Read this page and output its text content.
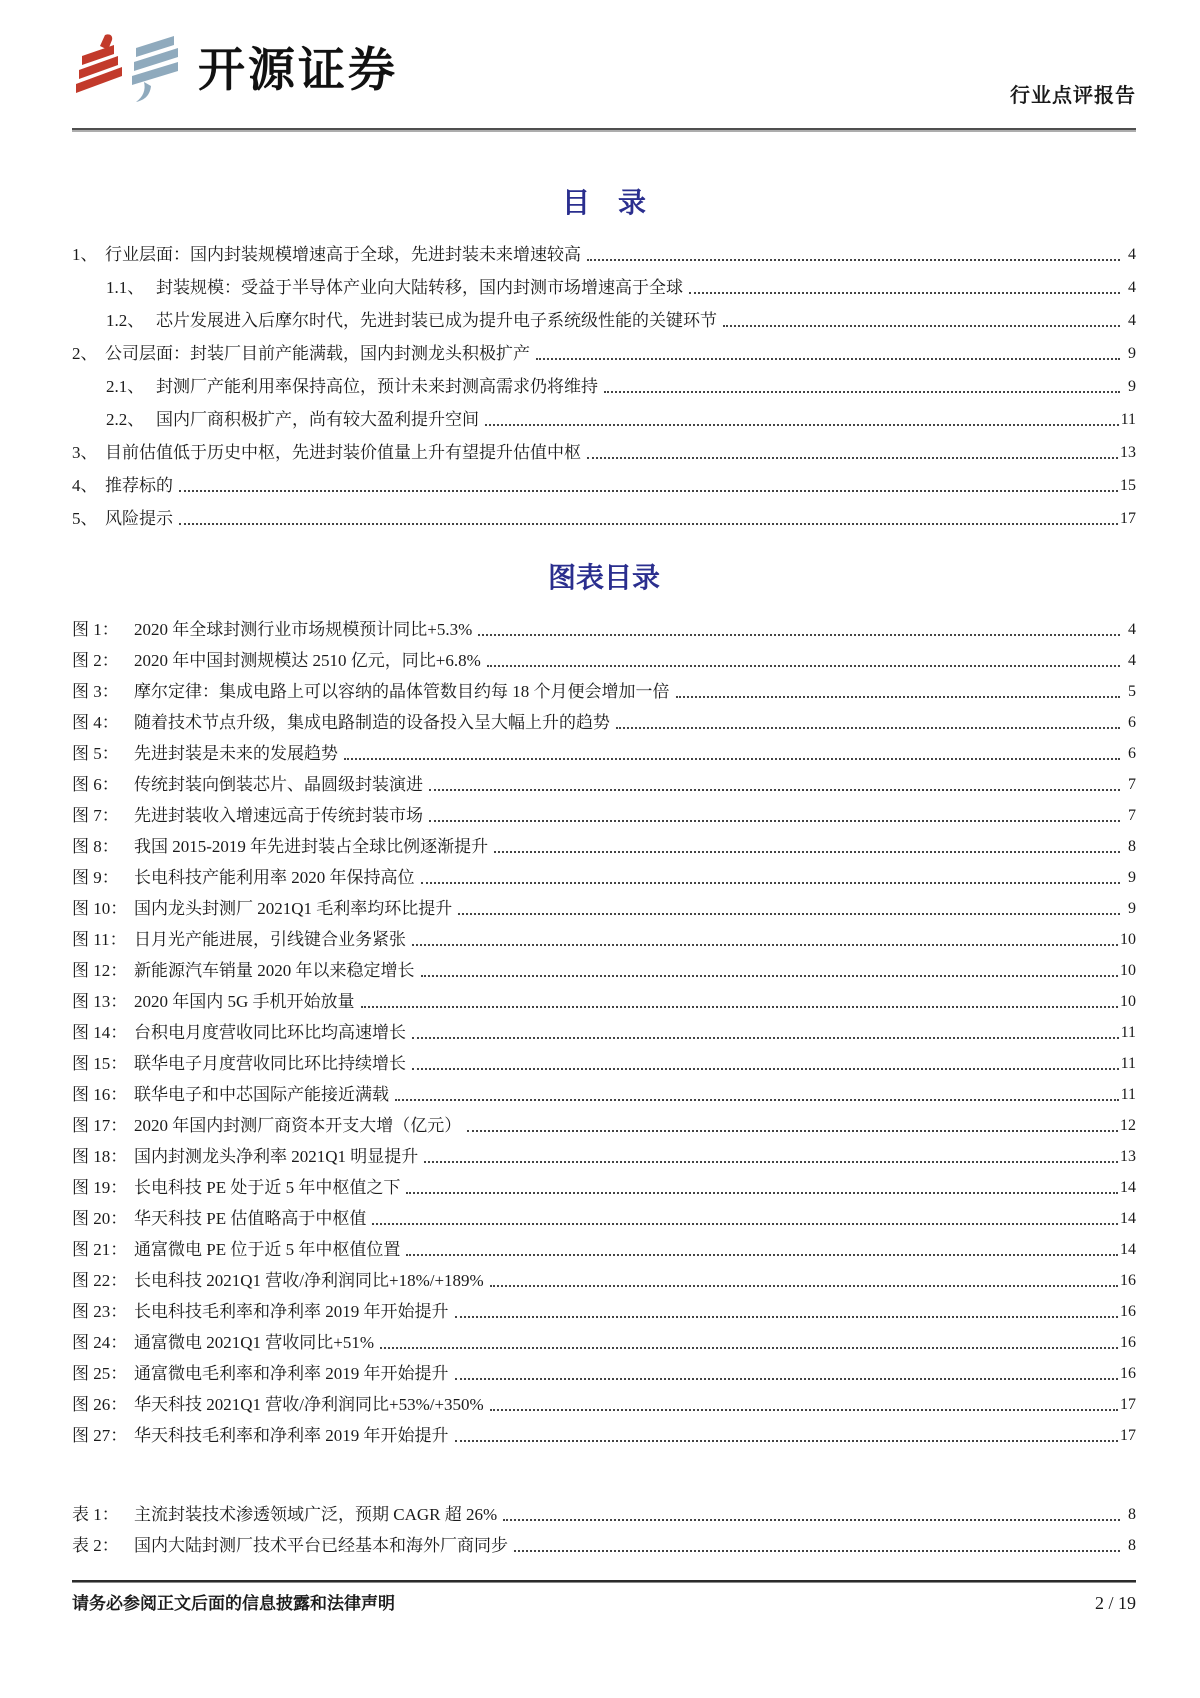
开源证券	行业点评报告
目　录
1、 行业层面：国内封装规模增速高于全球，先进封装未来增速较高	4
1.1、 封装规模：受益于半导体产业向大陆转移，国内封测市场增速高于全球	4
1.2、 芯片发展进入后摩尔时代，先进封装已成为提升电子系统级性能的关键环节	4
2、 公司层面：封装厂目前产能满载，国内封测龙头积极扩产	9
2.1、 封测厂产能利用率保持高位，预计未来封测高需求仍将维持	9
2.2、 国内厂商积极扩产，尚有较大盈利提升空间	11
3、 目前估值低于历史中枢，先进封装价值量上升有望提升估值中枢	13
4、 推荐标的	15
5、 风险提示	17
图表目录
图 1： 2020 年全球封测行业市场规模预计同比+5.3%	4
图 2： 2020 年中国封测规模达 2510 亿元，同比+6.8%	4
图 3： 摩尔定律：集成电路上可以容纳的晶体管数目约每 18 个月便会增加一倍	5
图 4： 随着技术节点升级，集成电路制造的设备投入呈大幅上升的趋势	6
图 5： 先进封装是未来的发展趋势	6
图 6： 传统封装向倒装芯片、晶圆级封装演进	7
图 7： 先进封装收入增速远高于传统封装市场	7
图 8： 我国 2015-2019 年先进封装占全球比例逐渐提升	8
图 9： 长电科技产能利用率 2020 年保持高位	9
图 10： 国内龙头封测厂 2021Q1 毛利率均环比提升	9
图 11： 日月光产能进展，引线键合业务紧张	10
图 12： 新能源汽车销量 2020 年以来稳定增长	10
图 13： 2020 年国内 5G 手机开始放量	10
图 14： 台积电月度营收同比环比均高速增长	11
图 15： 联华电子月度营收同比环比持续增长	11
图 16： 联华电子和中芯国际产能接近满载	11
图 17： 2020 年国内封测厂商资本开支大增（亿元）	12
图 18： 国内封测龙头净利率 2021Q1 明显提升	13
图 19： 长电科技 PE 处于近 5 年中枢值之下	14
图 20： 华天科技 PE 估值略高于中枢值	14
图 21： 通富微电 PE 位于近 5 年中枢值位置	14
图 22： 长电科技 2021Q1 营收/净利润同比+18%/+189%	16
图 23： 长电科技毛利率和净利率 2019 年开始提升	16
图 24： 通富微电 2021Q1 营收同比+51%	16
图 25： 通富微电毛利率和净利率 2019 年开始提升	16
图 26： 华天科技 2021Q1 营收/净利润同比+53%/+350%	17
图 27： 华天科技毛利率和净利率 2019 年开始提升	17
表 1： 主流封装技术渗透领域广泛，预期 CAGR 超 26%	8
表 2： 国内大陆封测厂技术平台已经基本和海外厂商同步	8
请务必参阅正文后面的信息披露和法律声明	2 / 19
